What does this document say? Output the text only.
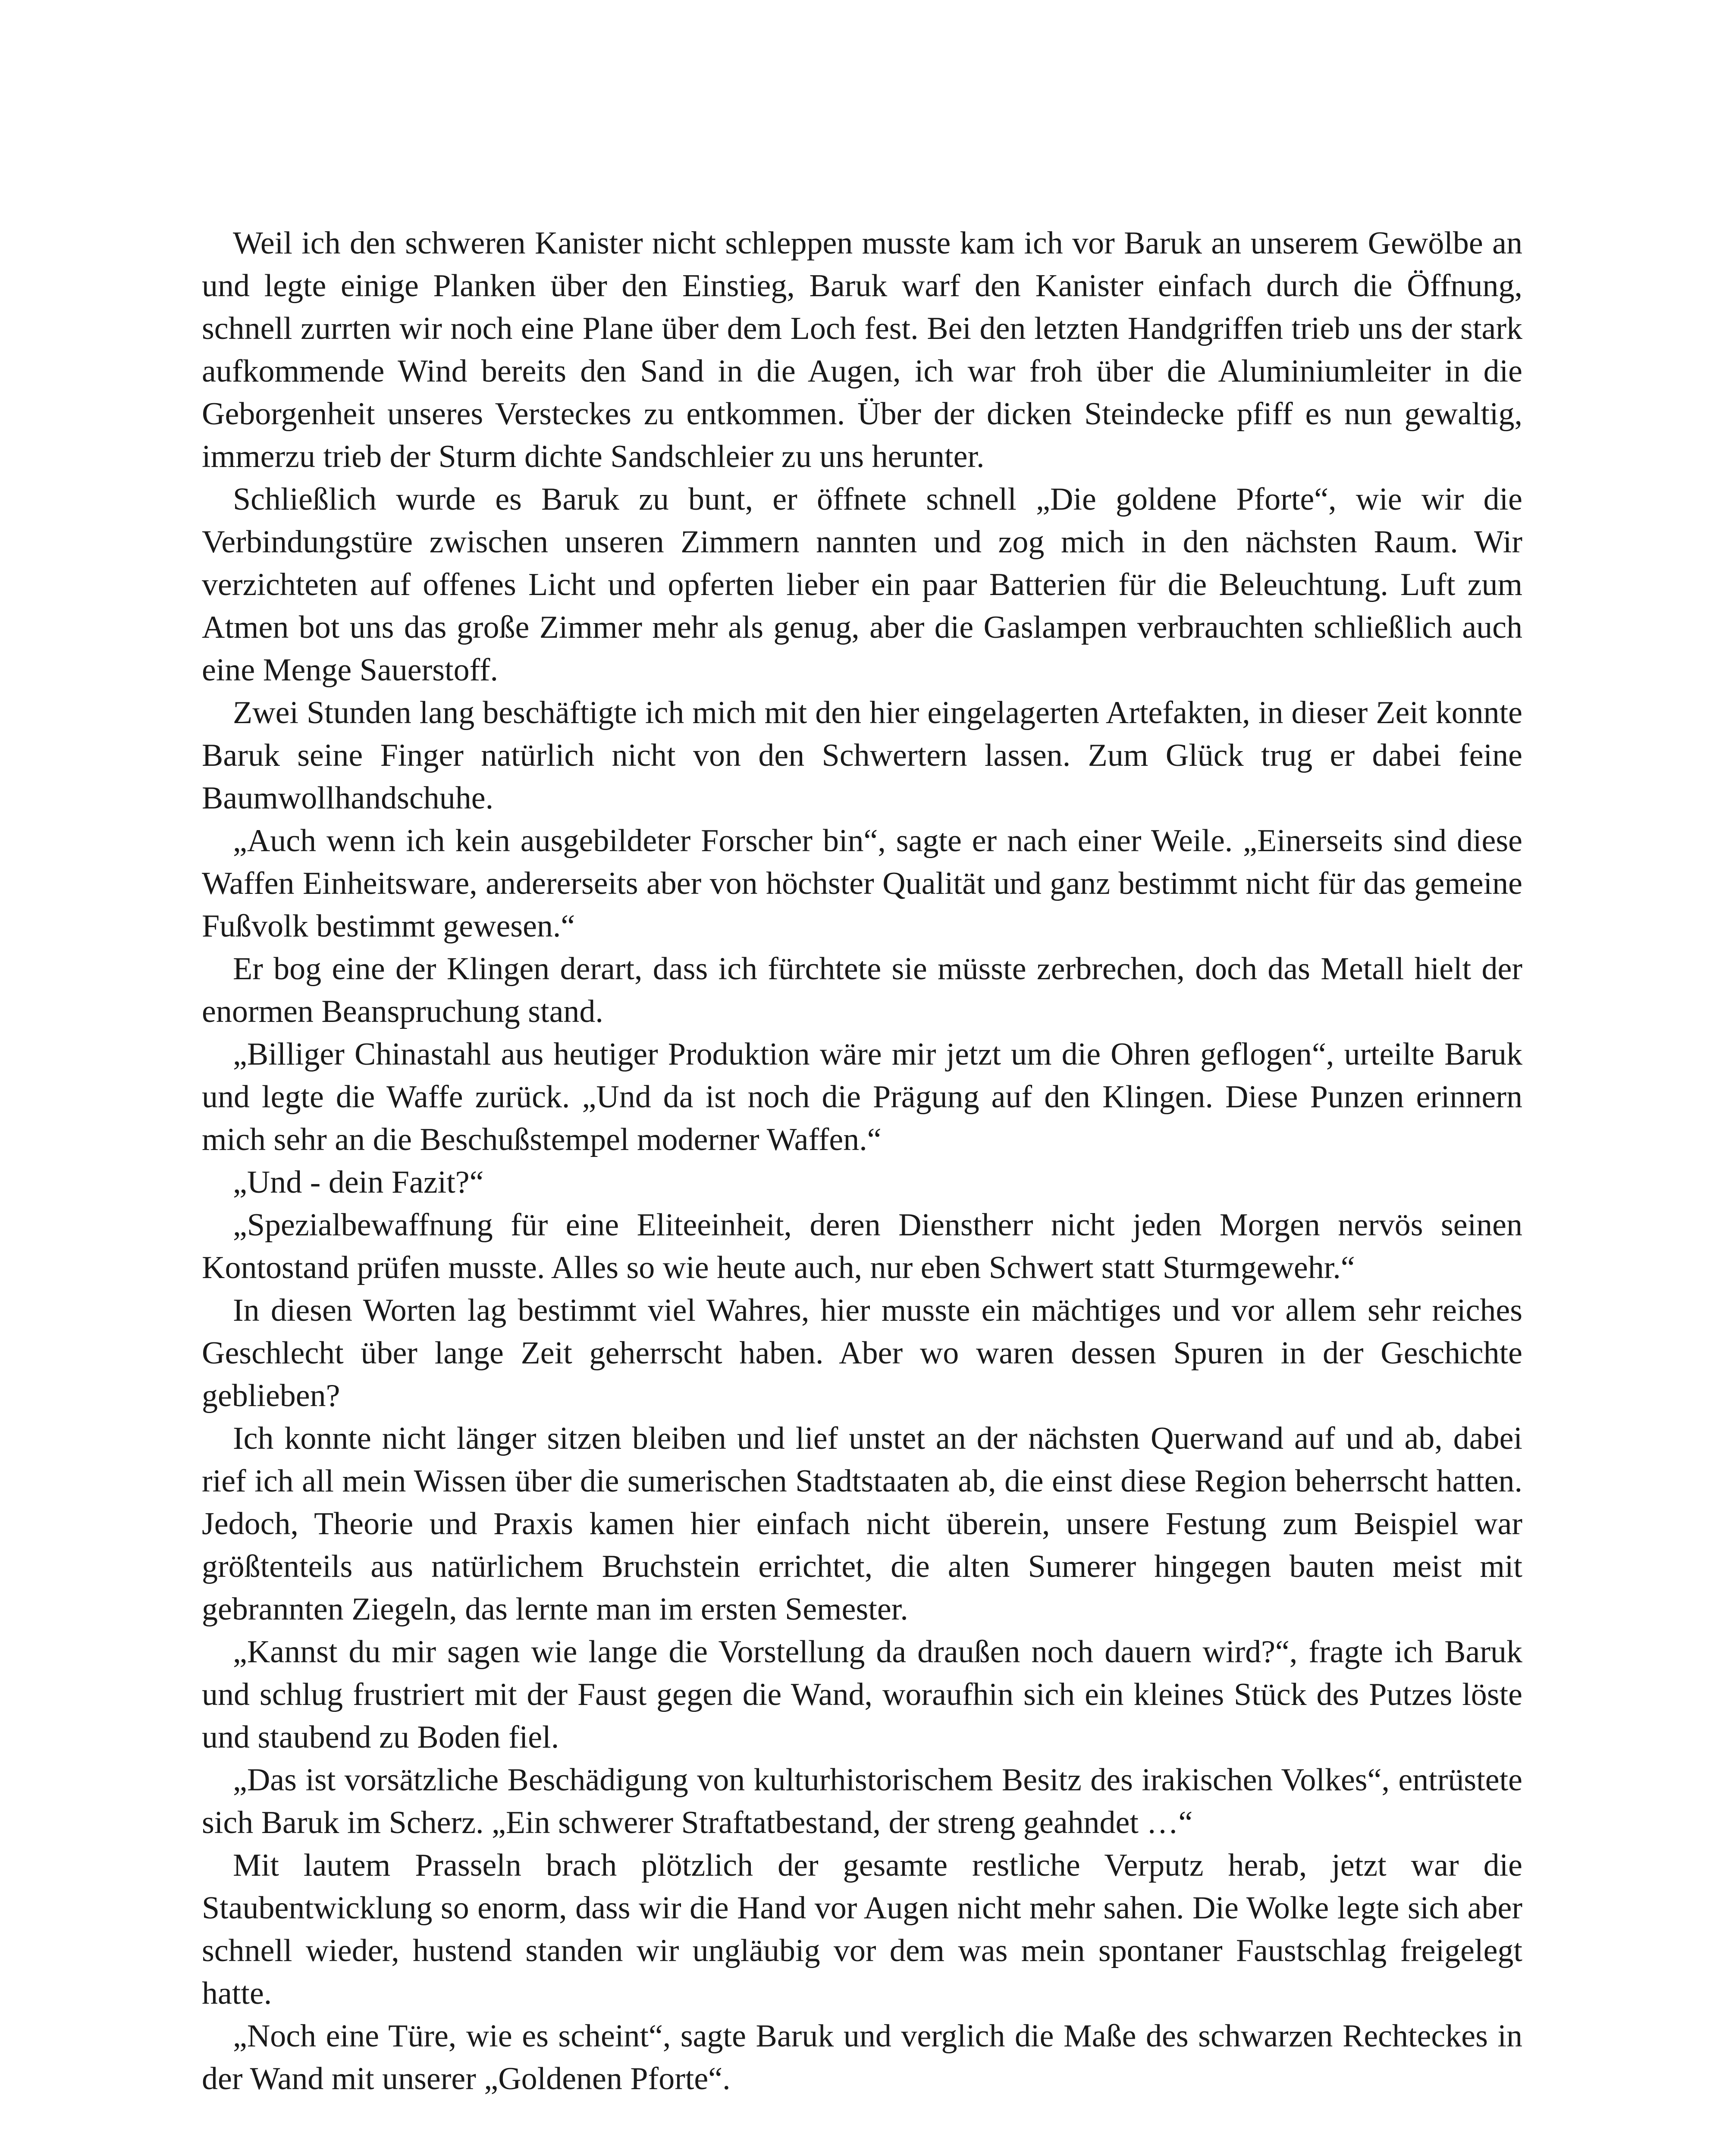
Weil ich den schweren Kanister nicht schleppen musste kam ich vor Baruk an unserem Gewölbe an und legte einige Planken über den Einstieg, Baruk warf den Kanister einfach durch die Öffnung, schnell zurrten wir noch eine Plane über dem Loch fest. Bei den letzten Handgriffen trieb uns der stark aufkommende Wind bereits den Sand in die Augen, ich war froh über die Aluminiumleiter in die Geborgenheit unseres Versteckes zu entkommen. Über der dicken Steindecke pfiff es nun gewaltig, immerzu trieb der Sturm dichte Sandschleier zu uns herunter.

Schließlich wurde es Baruk zu bunt, er öffnete schnell „Die goldene Pforte“, wie wir die Verbindungstüre zwischen unseren Zimmern nannten und zog mich in den nächsten Raum. Wir verzichteten auf offenes Licht und opferten lieber ein paar Batterien für die Beleuchtung. Luft zum Atmen bot uns das große Zimmer mehr als genug, aber die Gaslampen verbrauchten schließlich auch eine Menge Sauerstoff.

Zwei Stunden lang beschäftigte ich mich mit den hier eingelagerten Artefakten, in dieser Zeit konnte Baruk seine Finger natürlich nicht von den Schwertern lassen. Zum Glück trug er dabei feine Baumwollhandschuhe.

„Auch wenn ich kein ausgebildeter Forscher bin“, sagte er nach einer Weile. „Einerseits sind diese Waffen Einheitsware, andererseits aber von höchster Qualität und ganz bestimmt nicht für das gemeine Fußvolk bestimmt gewesen.“

Er bog eine der Klingen derart, dass ich fürchtete sie müsste zerbrechen, doch das Metall hielt der enormen Beanspruchung stand.

„Billiger Chinastahl aus heutiger Produktion wäre mir jetzt um die Ohren geflogen“, urteilte Baruk und legte die Waffe zurück. „Und da ist noch die Prägung auf den Klingen. Diese Punzen erinnern mich sehr an die Beschußstempel moderner Waffen.“

„Und - dein Fazit?“

„Spezialbewaffnung für eine Eliteeinheit, deren Dienstherr nicht jeden Morgen nervös seinen Kontostand prüfen musste. Alles so wie heute auch, nur eben Schwert statt Sturmgewehr.“

In diesen Worten lag bestimmt viel Wahres, hier musste ein mächtiges und vor allem sehr reiches Geschlecht über lange Zeit geherrscht haben. Aber wo waren dessen Spuren in der Geschichte geblieben?

Ich konnte nicht länger sitzen bleiben und lief unstet an der nächsten Querwand auf und ab, dabei rief ich all mein Wissen über die sumerischen Stadtstaaten ab, die einst diese Region beherrscht hatten. Jedoch, Theorie und Praxis kamen hier einfach nicht überein, unsere Festung zum Beispiel war größtenteils aus natürlichem Bruchstein errichtet, die alten Sumerer hingegen bauten meist mit gebrannten Ziegeln, das lernte man im ersten Semester.

„Kannst du mir sagen wie lange die Vorstellung da draußen noch dauern wird?“, fragte ich Baruk und schlug frustriert mit der Faust gegen die Wand, woraufhin sich ein kleines Stück des Putzes löste und staubend zu Boden fiel.

„Das ist vorsätzliche Beschädigung von kulturhistorischem Besitz des irakischen Volkes“, entrüstete sich Baruk im Scherz. „Ein schwerer Straftatbestand, der streng geahndet …“

Mit lautem Prasseln brach plötzlich der gesamte restliche Verputz herab, jetzt war die Staubentwicklung so enorm, dass wir die Hand vor Augen nicht mehr sahen. Die Wolke legte sich aber schnell wieder, hustend standen wir ungläubig vor dem was mein spontaner Faustschlag freigelegt hatte.

„Noch eine Türe, wie es scheint“, sagte Baruk und verglich die Maße des schwarzen Rechteckes in der Wand mit unserer „Goldenen Pforte“.
